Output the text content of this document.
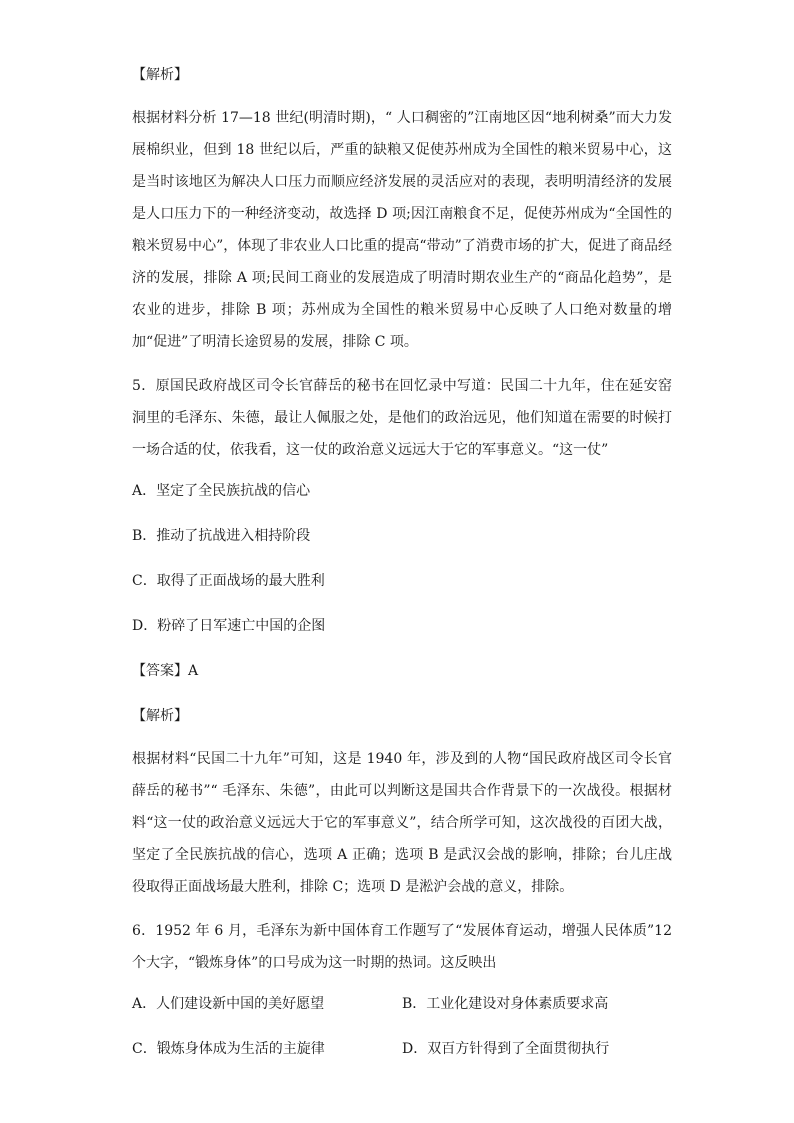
【解析】
根据材料分析 17—18 世纪(明清时期)，“ 人口稠密的”江南地区因“地利树桑”而大力发展棉织业，但到 18 世纪以后，严重的缺粮又促使苏州成为全国性的粮米贸易中心，这是当时该地区为解决人口压力而顺应经济发展的灵活应对的表现，表明明清经济的发展是人口压力下的一种经济变动，故选择 D 项;因江南粮食不足，促使苏州成为“全国性的粮米贸易中心”，体现了非农业人口比重的提高“带动”了消费市场的扩大，促进了商品经济的发展，排除 A 项;民间工商业的发展造成了明清时期农业生产的“商品化趋势”，是农业的进步，排除 B 项；苏州成为全国性的粮米贸易中心反映了人口绝对数量的增加“促进”了明清长途贸易的发展，排除 C 项。
5．原国民政府战区司令长官薛岳的秘书在回忆录中写道：民国二十九年，住在延安窑洞里的毛泽东、朱德，最让人佩服之处，是他们的政治远见，他们知道在需要的时候打一场合适的仗，依我看，这一仗的政治意义远远大于它的军事意义。“这一仗”
A．坚定了全民族抗战的信心
B．推动了抗战进入相持阶段
C．取得了正面战场的最大胜利
D．粉碎了日军速亡中国的企图
【答案】A
【解析】
根据材料“民国二十九年”可知，这是 1940 年，涉及到的人物“国民政府战区司令长官薛岳的秘书”“ 毛泽东、朱德”，由此可以判断这是国共合作背景下的一次战役。根据材料“这一仗的政治意义远远大于它的军事意义”，结合所学可知，这次战役的百团大战，坚定了全民族抗战的信心，选项 A 正确；选项 B 是武汉会战的影响，排除；台儿庄战役取得正面战场最大胜利，排除 C；选项 D 是淞沪会战的意义，排除。
6．1952 年 6 月，毛泽东为新中国体育工作题写了“发展体育运动，增强人民体质”12 个大字，“锻炼身体”的口号成为这一时期的热词。这反映出
A．人们建设新中国的美好愿望	B．工业化建设对身体素质要求高
C．锻炼身体成为生活的主旋律	D．双百方针得到了全面贯彻执行
